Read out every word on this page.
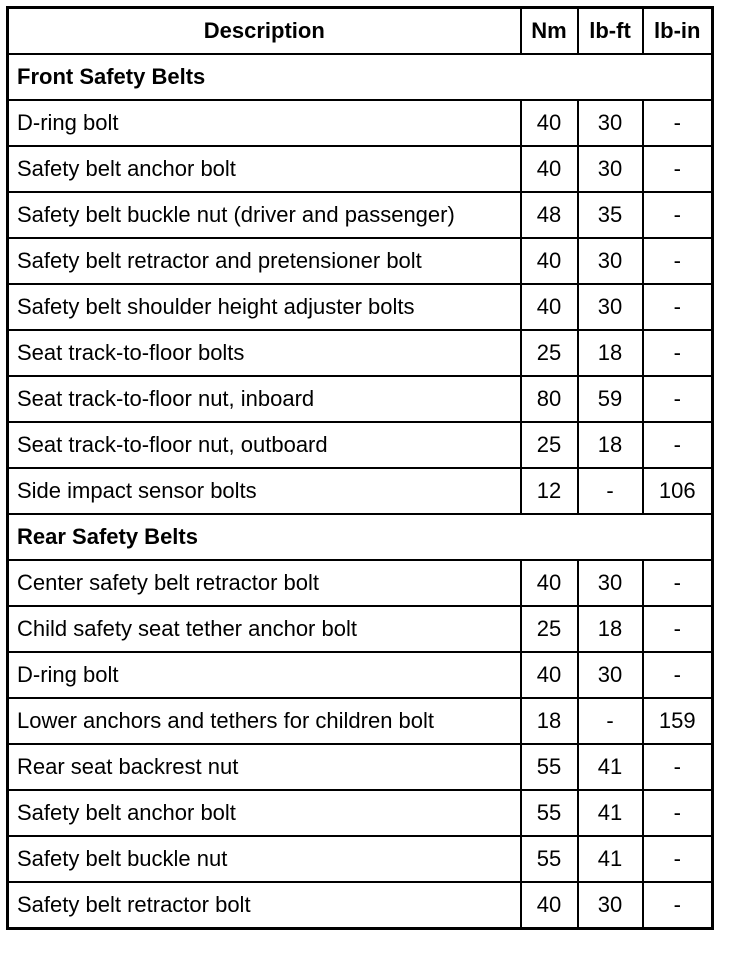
Description	Nm	lb-ft	lb-in
Front Safety Belts			
D-ring bolt	40	30	-
Safety belt anchor bolt	40	30	-
Safety belt buckle nut (driver and passenger)	48	35	-
Safety belt retractor and pretensioner bolt	40	30	-
Safety belt shoulder height adjuster bolts	40	30	-
Seat track-to-floor bolts	25	18	-
Seat track-to-floor nut, inboard	80	59	-
Seat track-to-floor nut, outboard	25	18	-
Side impact sensor bolts	12	-	106
Rear Safety Belts			
Center safety belt retractor bolt	40	30	-
Child safety seat tether anchor bolt	25	18	-
D-ring bolt	40	30	-
Lower anchors and tethers for children bolt	18	-	159
Rear seat backrest nut	55	41	-
Safety belt anchor bolt	55	41	-
Safety belt buckle nut	55	41	-
Safety belt retractor bolt	40	30	-
